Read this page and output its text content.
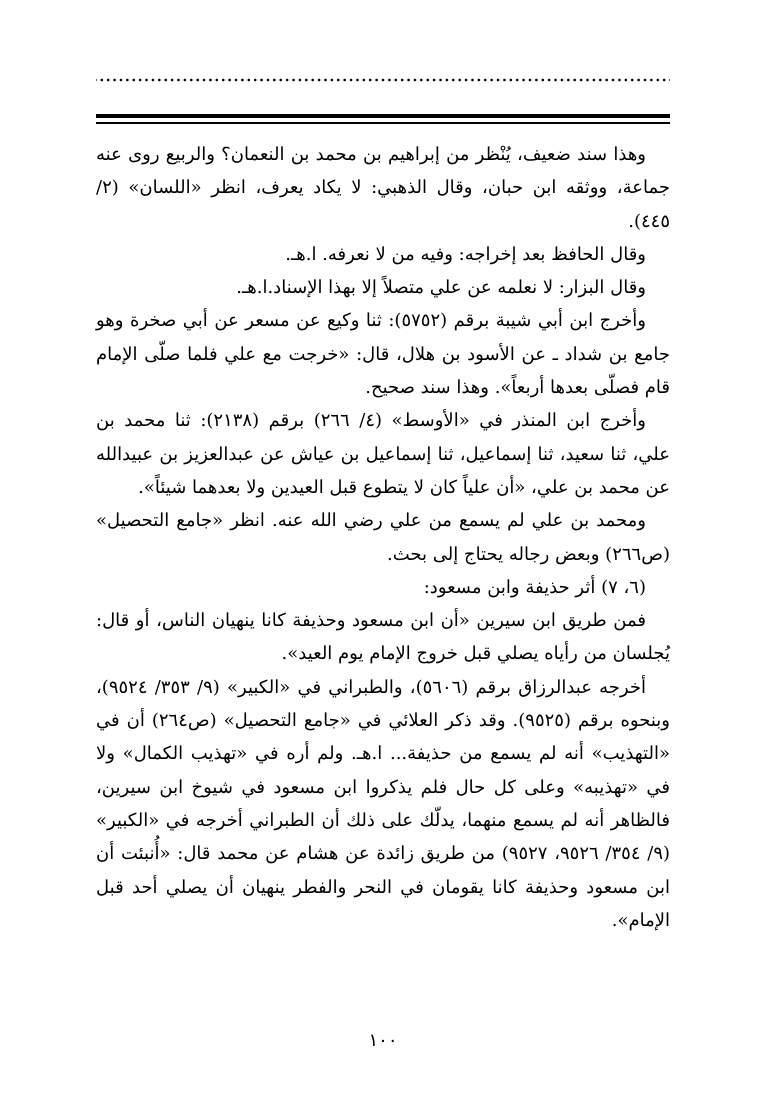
وهذا سند ضعيف، يُنْظر من إبراهيم بن محمد بن النعمان؟ والربيع روى عنه جماعة، ووثقه ابن حبان، وقال الذهبي: لا يكاد يعرف، انظر «اللسان» (٢/ ٤٤٥).

وقال الحافظ بعد إخراجه: وفيه من لا نعرفه. ا.هـ.

وقال البزار: لا نعلمه عن علي متصلاً إلا بهذا الإسناد.ا.هـ.

وأخرج ابن أبي شيبة برقم (٥٧٥٢): ثنا وكيع عن مسعر عن أبي صخرة وهو جامع بن شداد ـ عن الأسود بن هلال، قال: «خرجت مع علي فلما صلّى الإمام قام فصلّى بعدها أربعاً». وهذا سند صحيح.

وأخرج ابن المنذر في «الأوسط» (٤/ ٢٦٦) برقم (٢١٣٨): ثنا محمد بن علي، ثنا سعيد، ثنا إسماعيل، ثنا إسماعيل بن عياش عن عبدالعزيز بن عبيدالله عن محمد بن علي، «أن علياً كان لا يتطوع قبل العيدين ولا بعدهما شيئاً».

ومحمد بن علي لم يسمع من علي رضي الله عنه. انظر «جامع التحصيل» (ص٢٦٦) وبعض رجاله يحتاج إلى بحث.

(٦، ٧) أثر حذيفة وابن مسعود:

فمن طريق ابن سيرين «أن ابن مسعود وحذيفة كانا ينهيان الناس، أو قال: يُجلسان من رأياه يصلي قبل خروج الإمام يوم العيد».

أخرجه عبدالرزاق برقم (٥٦٠٦)، والطبراني في «الكبير» (٩/ ٣٥٣/ ٩٥٢٤)، وبنحوه برقم (٩٥٢٥). وقد ذكر العلائي في «جامع التحصيل» (ص٢٦٤) أن في «التهذيب» أنه لم يسمع من حذيفة... ا.هـ. ولم أره في «تهذيب الكمال» ولا في «تهذيبه» وعلى كل حال فلم يذكروا ابن مسعود في شيوخ ابن سيرين، فالظاهر أنه لم يسمع منهما، يدلّك على ذلك أن الطبراني أخرجه في «الكبير» (٩/ ٣٥٤/ ٩٥٢٦، ٩٥٢٧) من طريق زائدة عن هشام عن محمد قال: «أُنبئت أن ابن مسعود وحذيفة كانا يقومان في النحر والفطر ينهيان أن يصلي أحد قبل الإمام».

١٠٠
